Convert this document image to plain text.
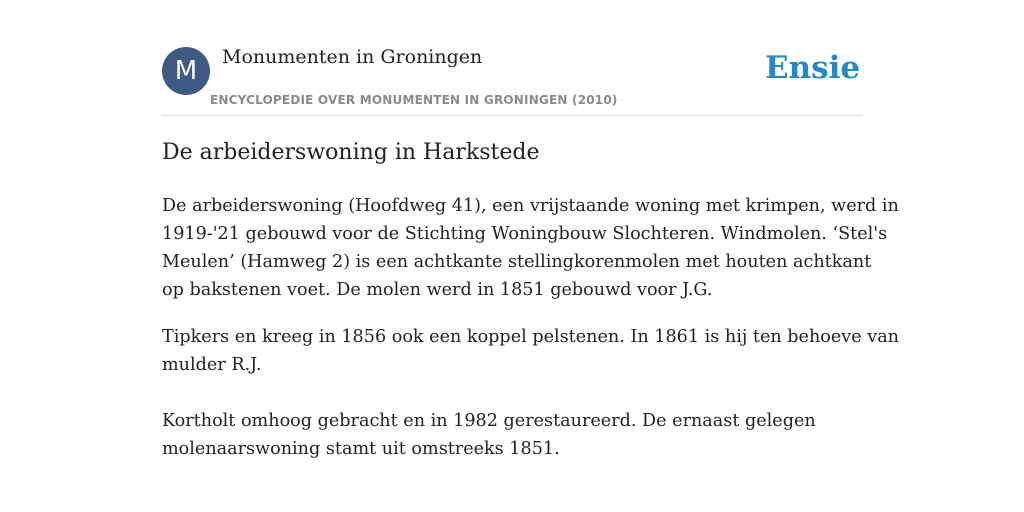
M	Monumenten in Groningen
ENCYCLOPEDIE OVER MONUMENTEN IN GRONINGEN (2010)
Ensie
De arbeiderswoning in Harkstede

De arbeiderswoning (Hoofdweg 41), een vrijstaande woning met krimpen, werd in
1919-'21 gebouwd voor de Stichting Woningbouw Slochteren. Windmolen. ‘Stel's
Meulen’ (Hamweg 2) is een achtkante stellingkorenmolen met houten achtkant
op bakstenen voet. De molen werd in 1851 gebouwd voor J.G.

Tipkers en kreeg in 1856 ook een koppel pelstenen. In 1861 is hij ten behoeve van
mulder R.J.

Kortholt omhoog gebracht en in 1982 gerestaureerd. De ernaast gelegen
molenaarswoning stamt uit omstreeks 1851.
